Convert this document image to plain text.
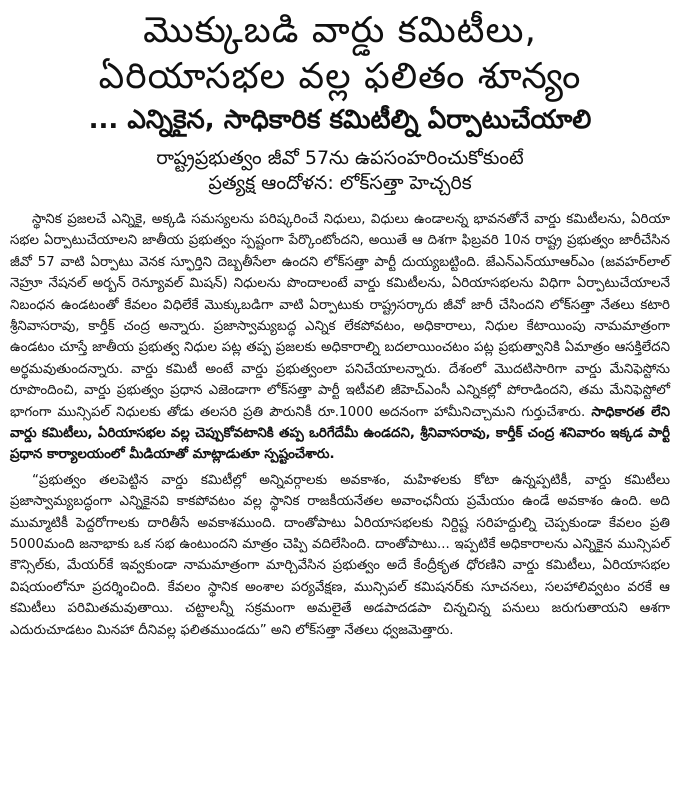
మొక్కుబడి వార్డు కమిటీలు,
ఏరియాసభల వల్ల ఫలితం శూన్యం
... ఎన్నికైన, సాధికారిక కమిటీల్ని ఏర్పాటుచేయాలి
రాష్ట్రప్రభుత్వం జీవో 57ను ఉపసంహరించుకోకుంటే
ప్రత్యక్ష ఆందోళన: లోక్‌సత్తా హెచ్చరిక

స్థానిక ప్రజలచే ఎన్నికై, అక్కడి సమస్యలను పరిష్కరించే నిధులు, విధులు ఉండాలన్న భావనతోనే వార్డు కమిటీలను, ఏరియా సభల ఏర్పాటుచేయాలని జాతీయ ప్రభుత్వం స్పష్టంగా పేర్కొంటోందని, అయితే ఆ దిశగా ఫిబ్రవరి 10న రాష్ట్ర ప్రభుత్వం జారీచేసిన జీవో 57 వాటి ఏర్పాటు వెనక స్ఫూర్తిని దెబ్బతీసేలా ఉందని లోక్‌సత్తా పార్టీ దుయ్యబట్టింది. జేఎన్‌ఎన్‌యూఆర్‌ఎం (జవహర్‌లాల్ నెహ్రూ నేషనల్ అర్బన్ రెన్యూవల్ మిషన్) నిధులను పొందాలంటే వార్డు కమిటీలను, ఏరియాసభలను విధిగా ఏర్పాటుచేయాలనే నిబంధన ఉండటంతో కేవలం విధిలేకే మొక్కుబడిగా వాటి ఏర్పాటుకు రాష్ట్రసర్కారు జీవో జారీ చేసిందని లోక్‌సత్తా నేతలు కటారి శ్రీనివాసరావు, కార్తీక్ చంద్ర అన్నారు. ప్రజాస్వామ్యబద్ధ ఎన్నిక లేకపోవటం, అధికారాలు, నిధుల కేటాయింపు నామమాత్రంగా ఉండటం చూస్తే జాతీయ ప్రభుత్వ నిధుల పట్ల తప్ప ప్రజలకు అధికారాల్ని బదలాయించటం పట్ల ప్రభుత్వానికి ఏమాత్రం ఆసక్తిలేదని అర్థమవుతుందన్నారు. వార్డు కమిటీ అంటే వార్డు ప్రభుత్వంలా పనిచేయాలన్నారు. దేశంలో మొదటిసారిగా వార్డు మేనిఫెస్టోను రూపొందించి, వార్డు ప్రభుత్వం ప్రధాన ఎజెండాగా లోక్‌సత్తా పార్టీ ఇటీవలి జీహెచ్‌ఎంసీ ఎన్నికల్లో పోరాడిందని, తమ మేనిఫెస్టోలో భాగంగా మున్సిపల్ నిధులకు తోడు తలసరి ప్రతి పౌరునికీ రూ.1000 అదనంగా హామీనిచ్చామని గుర్తుచేశారు. సాధికారత లేని వార్డు కమిటీలు, ఏరియాసభల వల్ల చెప్పుకోవటానికి తప్ప ఒరిగేదేమీ ఉండదని, శ్రీనివాసరావు, కార్తీక్ చంద్ర శనివారం ఇక్కడ పార్టీ ప్రధాన కార్యాలయంలో మీడియాతో మాట్లాడుతూ స్పష్టంచేశారు.

“ప్రభుత్వం తలపెట్టిన వార్డు కమిటీల్లో అన్నివర్గాలకు అవకాశం, మహిళలకు కోటా ఉన్నప్పటికీ, వార్డు కమిటీలు ప్రజాస్వామ్యబద్ధంగా ఎన్నికైనవి కాకపోవటం వల్ల స్థానిక రాజకీయనేతల అవాంఛనీయ ప్రమేయం ఉండే అవకాశం ఉంది. అది ముమ్మాటికీ పెద్దరోగాలకు దారితీసే అవకాశముంది. దాంతోపాటు ఏరియాసభలకు నిర్దిష్ట సరిహద్దుల్ని చెప్పకుండా కేవలం ప్రతి 5000మంది జనాభాకు ఒక సభ ఉంటుందని మాత్రం చెప్పి వదిలేసింది. దాంతోపాటు... ఇప్పటికే అధికారాలను ఎన్నికైన మున్సిపల్ కౌన్సిల్‌కు, మేయర్‌కే ఇవ్వకుండా నామమాత్రంగా మార్చివేసిన ప్రభుత్వం అదే కేంద్రీకృత ధోరణిని వార్డు కమిటీలు, ఏరియాసభల విషయంలోనూ ప్రదర్శించింది. కేవలం స్థానిక అంశాల పర్యవేక్షణ, మున్సిపల్ కమిషనర్‌కు సూచనలు, సలహాలివ్వటం వరకే ఆ కమిటీలు పరిమితమవుతాయి. చట్టాలన్నీ సక్రమంగా అమలైతే అడపాదడపా చిన్నచిన్న పనులు జరుగుతాయని ఆశగా ఎదురుచూడటం మినహా దీనివల్ల ఫలితముండదు” అని లోక్‌సత్తా నేతలు ధ్వజమెత్తారు.
